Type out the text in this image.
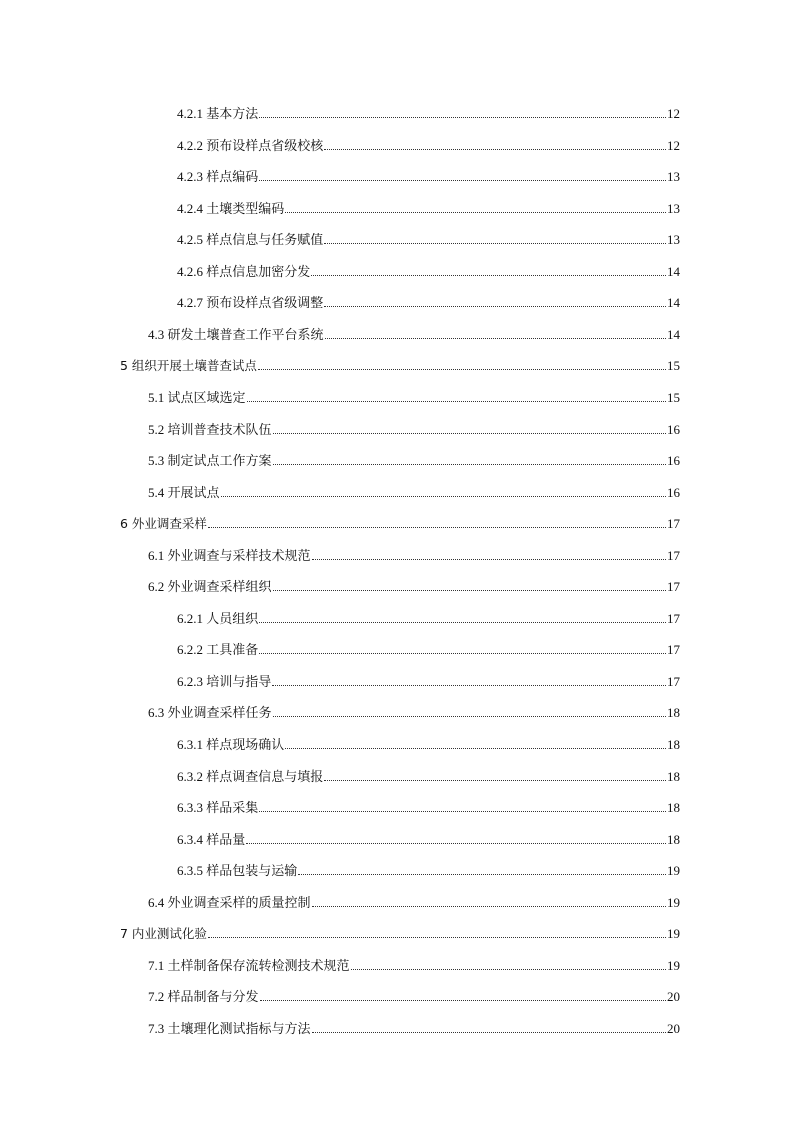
4.2.1 基本方法	12
4.2.2 预布设样点省级校核	12
4.2.3 样点编码	13
4.2.4 土壤类型编码	13
4.2.5 样点信息与任务赋值	13
4.2.6 样点信息加密分发	14
4.2.7 预布设样点省级调整	14
4.3 研发土壤普查工作平台系统	14
5 组织开展土壤普查试点	15
5.1 试点区域选定	15
5.2 培训普查技术队伍	16
5.3 制定试点工作方案	16
5.4 开展试点	16
6 外业调查采样	17
6.1 外业调查与采样技术规范	17
6.2 外业调查采样组织	17
6.2.1 人员组织	17
6.2.2 工具准备	17
6.2.3 培训与指导	17
6.3 外业调查采样任务	18
6.3.1 样点现场确认	18
6.3.2 样点调查信息与填报	18
6.3.3 样品采集	18
6.3.4 样品量	18
6.3.5 样品包装与运输	19
6.4 外业调查采样的质量控制	19
7 内业测试化验	19
7.1 土样制备保存流转检测技术规范	19
7.2 样品制备与分发	20
7.3 土壤理化测试指标与方法	20
